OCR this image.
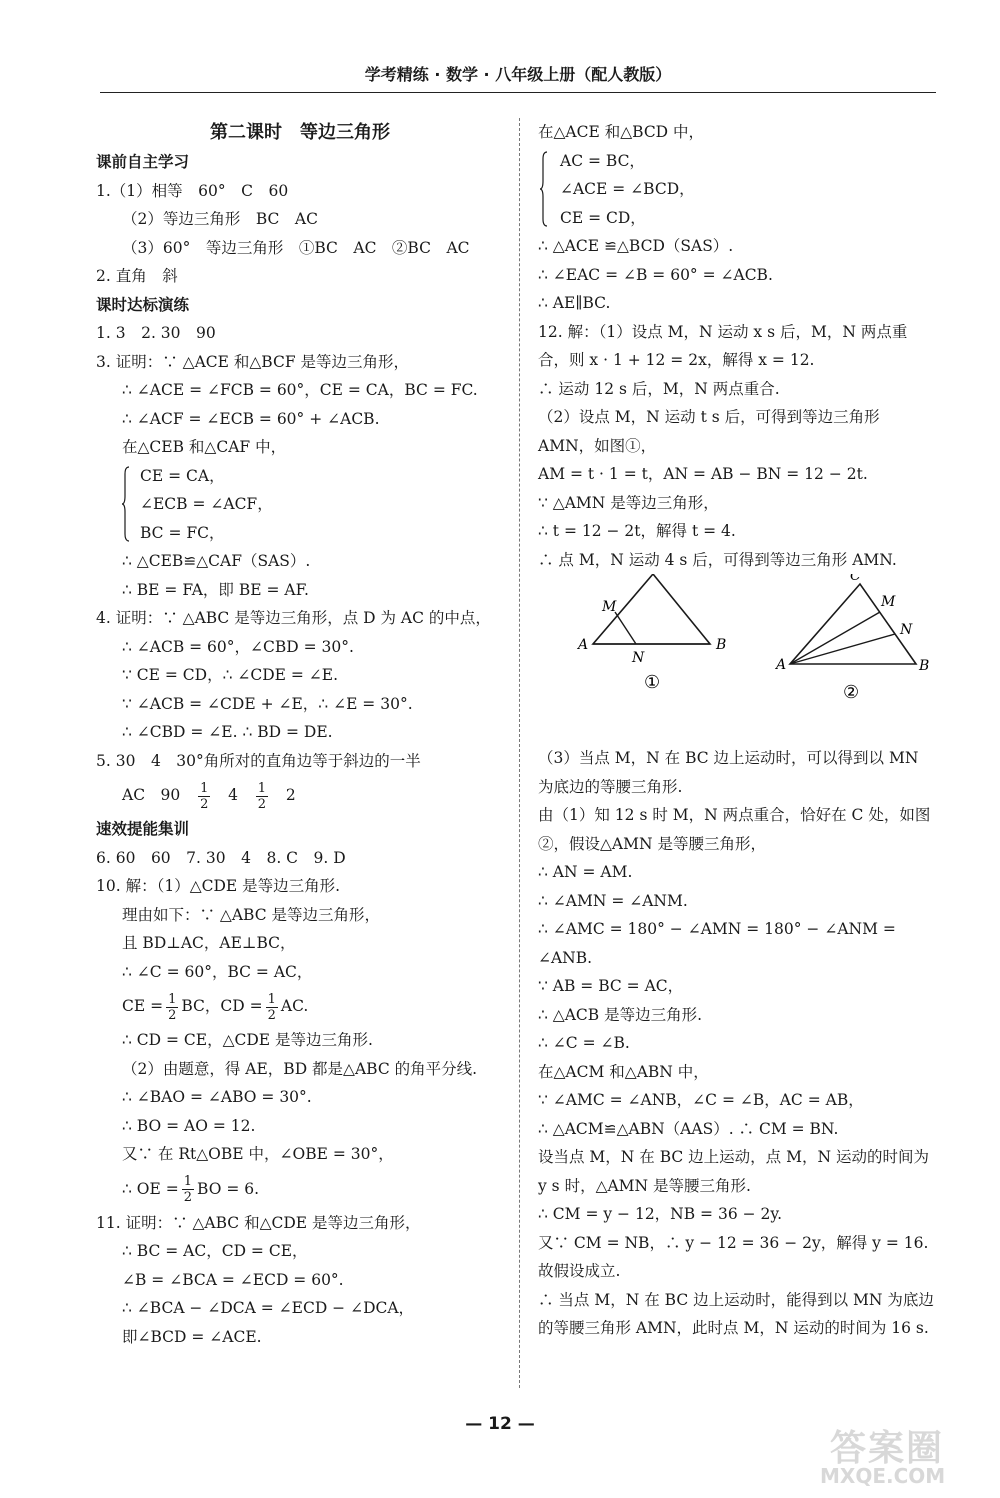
学考精练 · 数学 · 八年级上册（配人教版）
第二课时　等边三角形
课前自主学习
1.（1）相等　60°　C　60
（2）等边三角形　BC　AC
（3）60°　等边三角形　①BC　AC　②BC　AC
2. 直角　斜
课时达标演练
1. 3　2. 30　90
3. 证明：∵ △ACE 和△BCF 是等边三角形，
∴ ∠ACE = ∠FCB = 60°，CE = CA，BC = FC.
∴ ∠ACF = ∠ECB = 60° + ∠ACB.
在△CEB 和△CAF 中，
CE = CA，
∠ECB = ∠ACF，
BC = FC，
∴ △CEB≌△CAF（SAS）.
∴ BE = FA，即 BE = AF.
4. 证明：∵ △ABC 是等边三角形，点 D 为 AC 的中点，
∴ ∠ACB = 60°，∠CBD = 30°.
∵ CE = CD，∴ ∠CDE = ∠E.
∵ ∠ACB = ∠CDE + ∠E，∴ ∠E = 30°.
∴ ∠CBD = ∠E. ∴ BD = DE.
5. 30　4　30°角所对的直角边等于斜边的一半
AC　$90 \frac{1}{2} 4 \frac{1}{2} 2$
速效提能集训
6. 60　60　7. 30　4　8. C　9. D
10. 解：（1）△CDE 是等边三角形.
理由如下：∵ △ABC 是等边三角形，
且 BD⊥AC，AE⊥BC，
∴ ∠C = 60°，BC = AC，
CE = $\frac{1}{2}$ BC，CD = $\frac{1}{2}$ AC.
∴ CD = CE，△CDE 是等边三角形.
（2）由题意，得 AE，BD 都是△ABC 的角平分线.
∴ ∠BAO = ∠ABO = 30°.
∴ BO = AO = 12.
又∵ 在 Rt△OBE 中，∠OBE = 30°，
∴ OE = $\frac{1}{2}$ BO = 6.
11. 证明：∵ △ABC 和△CDE 是等边三角形，
∴ BC = AC，CD = CE，
∠B = ∠BCA = ∠ECD = 60°.
∴ ∠BCA − ∠DCA = ∠ECD − ∠DCA，
即∠BCD = ∠ACE.
在△ACE 和△BCD 中，
AC = BC，
∠ACE = ∠BCD，
CE = CD，
∴ △ACE ≌△BCD（SAS）.
∴ ∠EAC = ∠B = 60° = ∠ACB.
∴ AE∥BC.
12. 解：（1）设点 M，N 运动 x s 后，M，N 两点重合，则 x · 1 + 12 = 2x，解得 x = 12.
∴ 运动 12 s 后，M，N 两点重合.
（2）设点 M，N 运动 t s 后，可得到等边三角形 AMN，如图①，
AM = t · 1 = t，AN = AB − BN = 12 − 2t.
∵ △AMN 是等边三角形，
∴ t = 12 − 2t，解得 t = 4.
∴ 点 M，N 运动 4 s 后，可得到等边三角形 AMN.
A	B
M
N
①
A	B
C
M
N
②
（3）当点 M，N 在 BC 边上运动时，可以得到以 MN 为底边的等腰三角形.
由（1）知 12 s 时 M，N 两点重合，恰好在 C 处，如图②，假设△AMN 是等腰三角形，
∴ AN = AM.
∴ ∠AMN = ∠ANM.
∴ ∠AMC = 180° − ∠AMN = 180° − ∠ANM = ∠ANB.
∵ AB = BC = AC，
∴ △ACB 是等边三角形.
∴ ∠C = ∠B.
在△ACM 和△ABN 中，
∵ ∠AMC = ∠ANB，∠C = ∠B，AC = AB，
∴ △ACM≌△ABN（AAS）. ∴ CM = BN.
设当点 M，N 在 BC 边上运动，点 M，N 运动的时间为 y s 时，△AMN 是等腰三角形.
∴ CM = y − 12，NB = 36 − 2y.
又∵ CM = NB，∴ y − 12 = 36 − 2y，解得 y = 16.
故假设成立.
∴ 当点 M，N 在 BC 边上运动时，能得到以 MN 为底边的等腰三角形 AMN，此时点 M，N 运动的时间为 16 s.
— 12 —
答案圈
MXQE.COM
